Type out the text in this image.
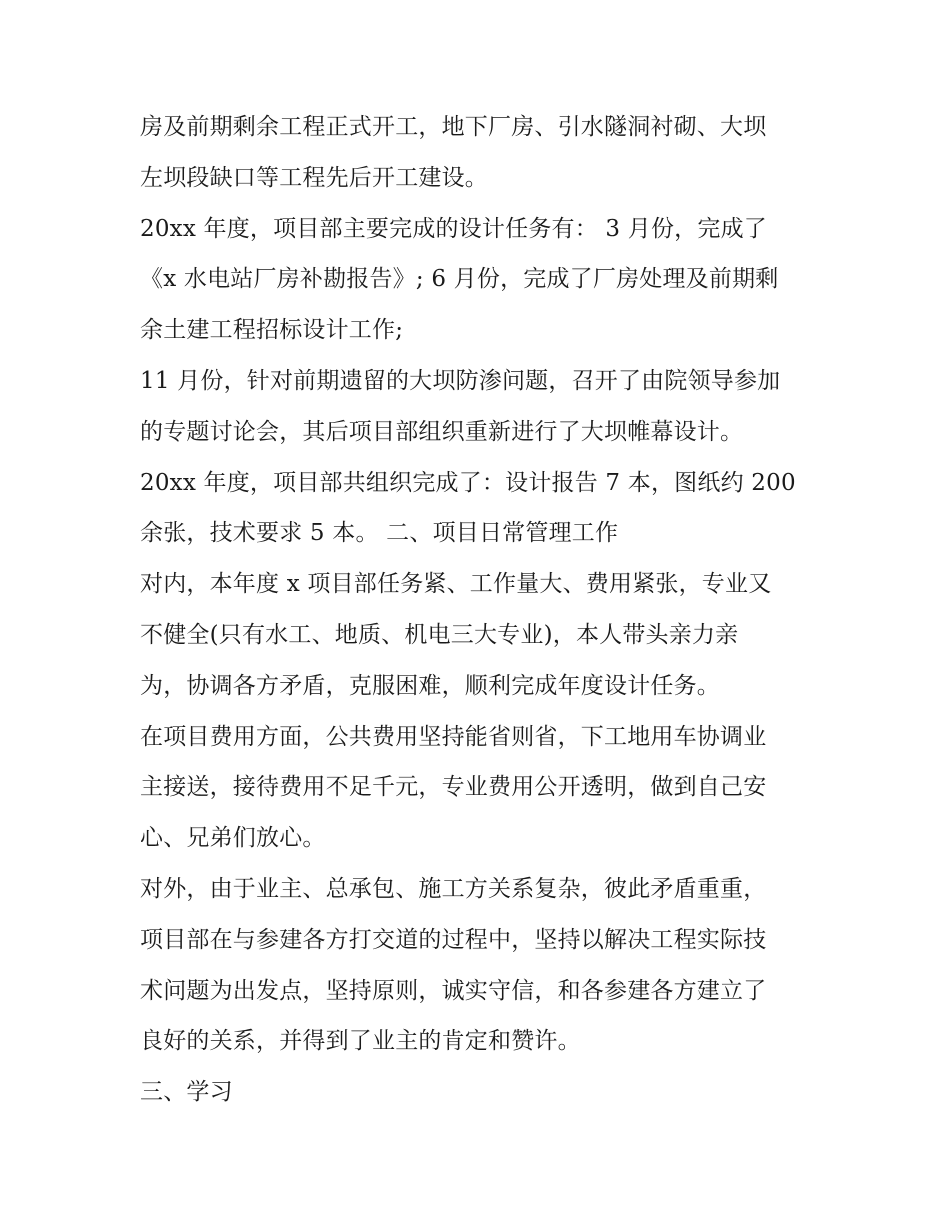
房及前期剩余工程正式开工，地下厂房、引水隧洞衬砌、大坝
左坝段缺口等工程先后开工建设。
20xx 年度，项目部主要完成的设计任务有： 3 月份，完成了
《x 水电站厂房补勘报告》; 6 月份，完成了厂房处理及前期剩
余土建工程招标设计工作;
11 月份，针对前期遗留的大坝防渗问题，召开了由院领导参加
的专题讨论会，其后项目部组织重新进行了大坝帷幕设计。
20xx 年度，项目部共组织完成了：设计报告 7 本，图纸约 200
余张，技术要求 5 本。 二、项目日常管理工作
对内，本年度 x 项目部任务紧、工作量大、费用紧张，专业又
不健全(只有水工、地质、机电三大专业)，本人带头亲力亲
为，协调各方矛盾，克服困难，顺利完成年度设计任务。
在项目费用方面，公共费用坚持能省则省，下工地用车协调业
主接送，接待费用不足千元，专业费用公开透明，做到自己安
心、兄弟们放心。
对外，由于业主、总承包、施工方关系复杂，彼此矛盾重重，
项目部在与参建各方打交道的过程中，坚持以解决工程实际技
术问题为出发点，坚持原则，诚实守信，和各参建各方建立了
良好的关系，并得到了业主的肯定和赞许。
三、学习
